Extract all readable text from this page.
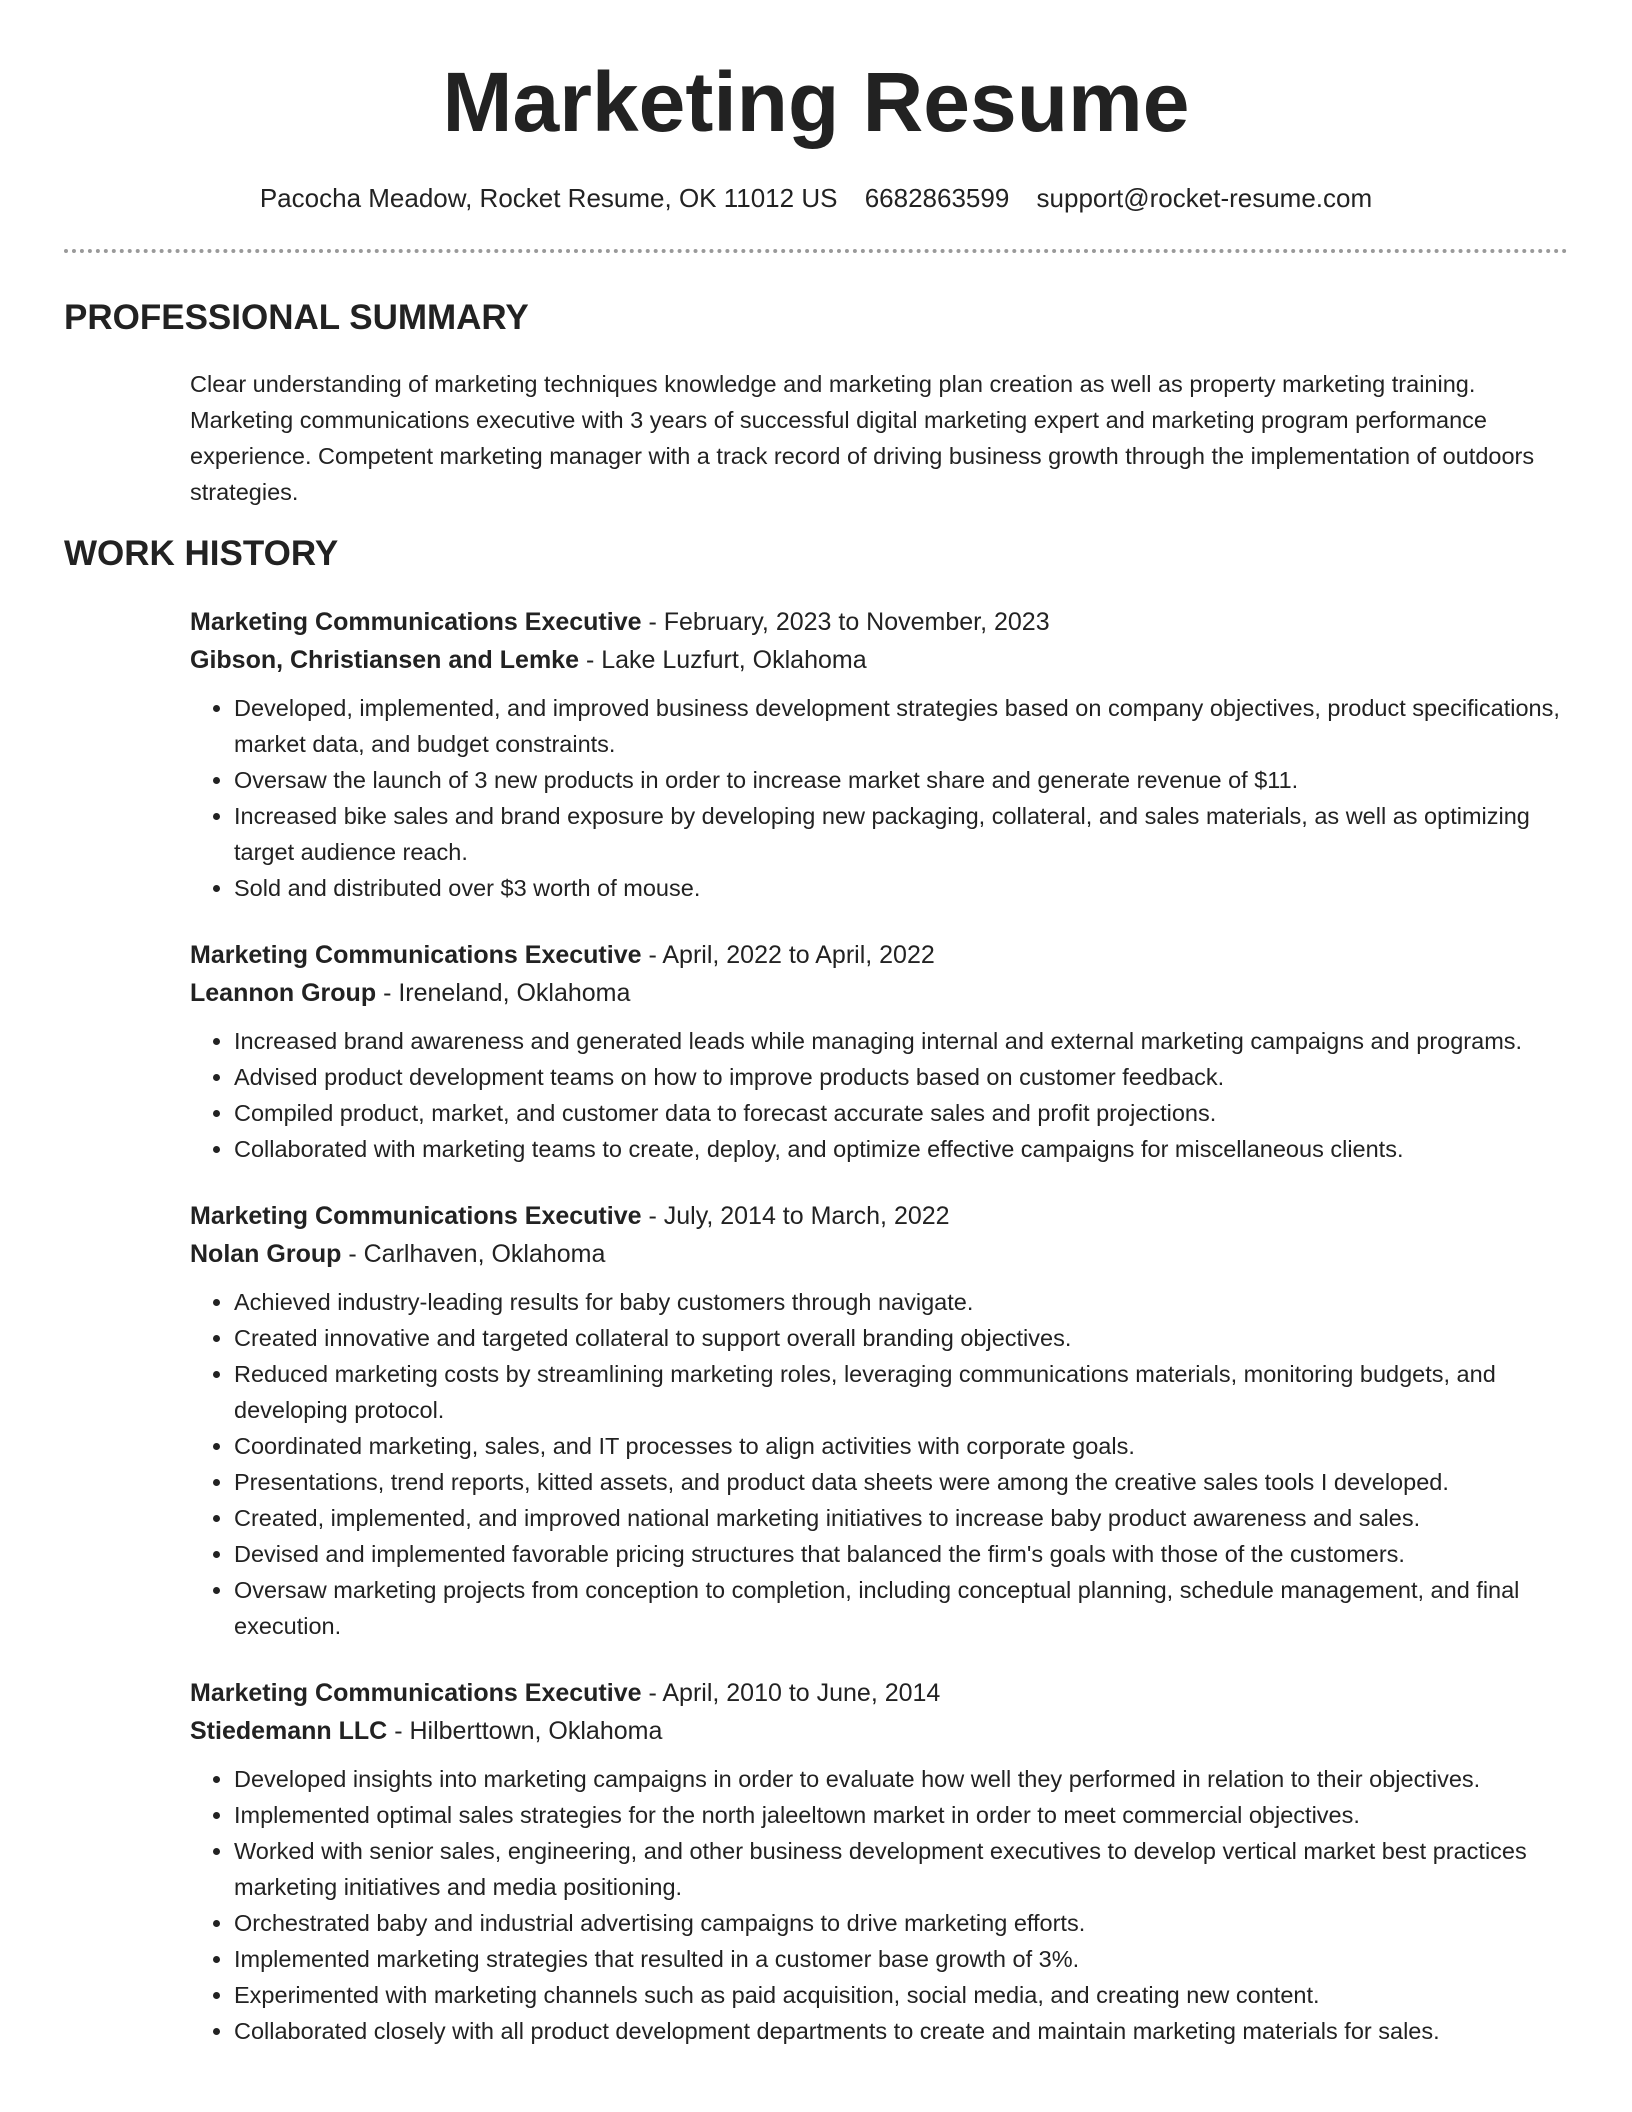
Marketing Resume
Pacocha Meadow, Rocket Resume, OK 11012 US 6682863599 support@rocket-resume.com
PROFESSIONAL SUMMARY

Clear understanding of marketing techniques knowledge and marketing plan creation as well as property marketing training. Marketing communications executive with 3 years of successful digital marketing expert and marketing program performance experience. Competent marketing manager with a track record of driving business growth through the implementation of outdoors strategies.

WORK HISTORY

Marketing Communications Executive - February, 2023 to November, 2023

Gibson, Christiansen and Lemke - Lake Luzfurt, Oklahoma

• Developed, implemented, and improved business development strategies based on company objectives, product specifications, market data, and budget constraints.
• Oversaw the launch of 3 new products in order to increase market share and generate revenue of $11.
• Increased bike sales and brand exposure by developing new packaging, collateral, and sales materials, as well as optimizing target audience reach.
• Sold and distributed over $3 worth of mouse.

Marketing Communications Executive - April, 2022 to April, 2022

Leannon Group - Ireneland, Oklahoma

• Increased brand awareness and generated leads while managing internal and external marketing campaigns and programs.
• Advised product development teams on how to improve products based on customer feedback.
• Compiled product, market, and customer data to forecast accurate sales and profit projections.
• Collaborated with marketing teams to create, deploy, and optimize effective campaigns for miscellaneous clients.

Marketing Communications Executive - July, 2014 to March, 2022

Nolan Group - Carlhaven, Oklahoma

• Achieved industry-leading results for baby customers through navigate.
• Created innovative and targeted collateral to support overall branding objectives.
• Reduced marketing costs by streamlining marketing roles, leveraging communications materials, monitoring budgets, and developing protocol.
• Coordinated marketing, sales, and IT processes to align activities with corporate goals.
• Presentations, trend reports, kitted assets, and product data sheets were among the creative sales tools I developed.
• Created, implemented, and improved national marketing initiatives to increase baby product awareness and sales.
• Devised and implemented favorable pricing structures that balanced the firm's goals with those of the customers.
• Oversaw marketing projects from conception to completion, including conceptual planning, schedule management, and final execution.

Marketing Communications Executive - April, 2010 to June, 2014

Stiedemann LLC - Hilberttown, Oklahoma

• Developed insights into marketing campaigns in order to evaluate how well they performed in relation to their objectives.
• Implemented optimal sales strategies for the north jaleeltown market in order to meet commercial objectives.
• Worked with senior sales, engineering, and other business development executives to develop vertical market best practices marketing initiatives and media positioning.
• Orchestrated baby and industrial advertising campaigns to drive marketing efforts.
• Implemented marketing strategies that resulted in a customer base growth of 3%.
• Experimented with marketing channels such as paid acquisition, social media, and creating new content.
• Collaborated closely with all product development departments to create and maintain marketing materials for sales.
